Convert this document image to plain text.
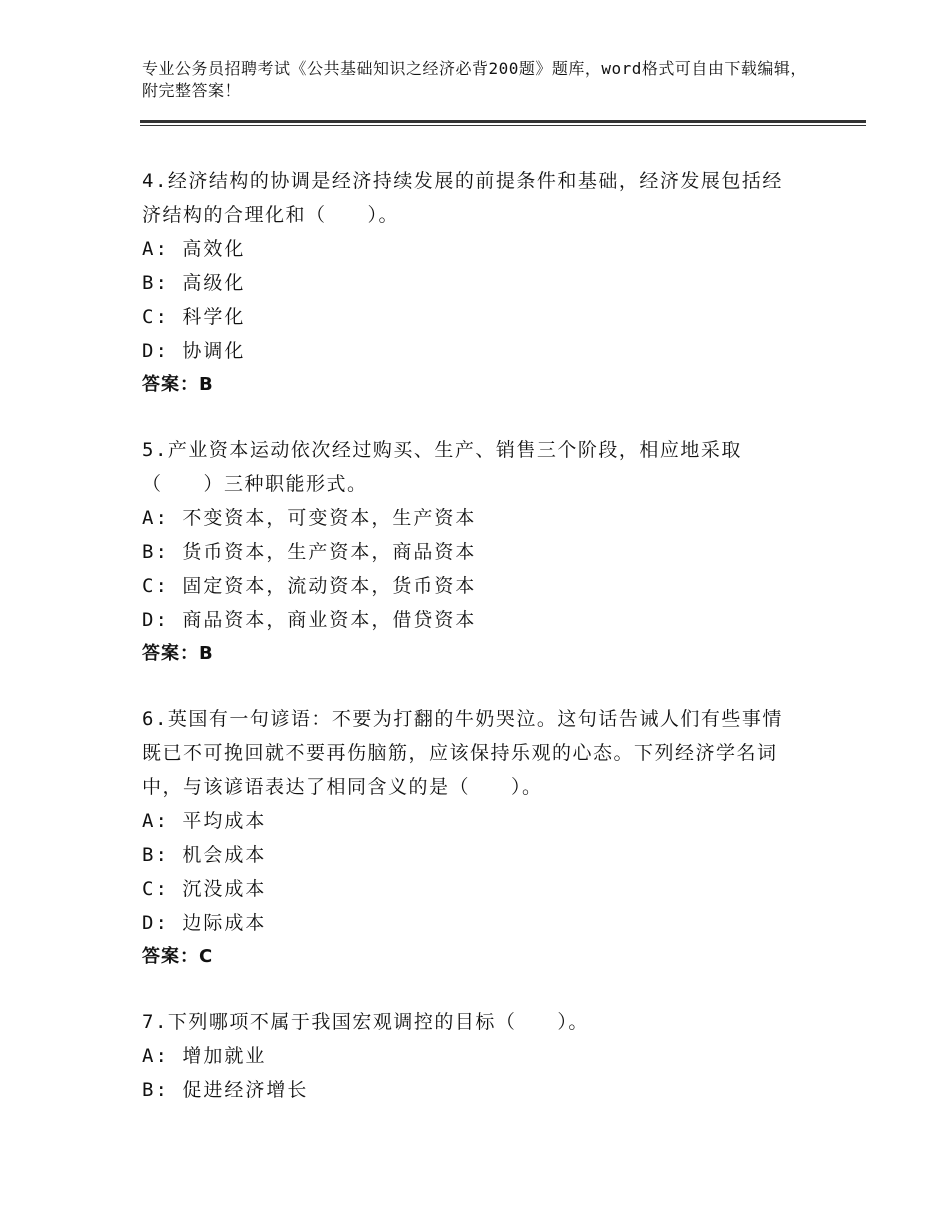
专业公务员招聘考试《公共基础知识之经济必背200题》题库，word格式可自由下载编辑，附完整答案！
4.经济结构的协调是经济持续发展的前提条件和基础，经济发展包括经济结构的合理化和（　　）。
A: 高效化
B: 高级化
C: 科学化
D: 协调化
答案：B
5.产业资本运动依次经过购买、生产、销售三个阶段，相应地采取（　　）三种职能形式。
A: 不变资本，可变资本，生产资本
B: 货币资本，生产资本，商品资本
C: 固定资本，流动资本，货币资本
D: 商品资本，商业资本，借贷资本
答案：B
6.英国有一句谚语：不要为打翻的牛奶哭泣。这句话告诫人们有些事情既已不可挽回就不要再伤脑筋，应该保持乐观的心态。下列经济学名词中，与该谚语表达了相同含义的是（　　）。
A: 平均成本
B: 机会成本
C: 沉没成本
D: 边际成本
答案：C
7.下列哪项不属于我国宏观调控的目标（　　）。
A: 增加就业
B: 促进经济增长
